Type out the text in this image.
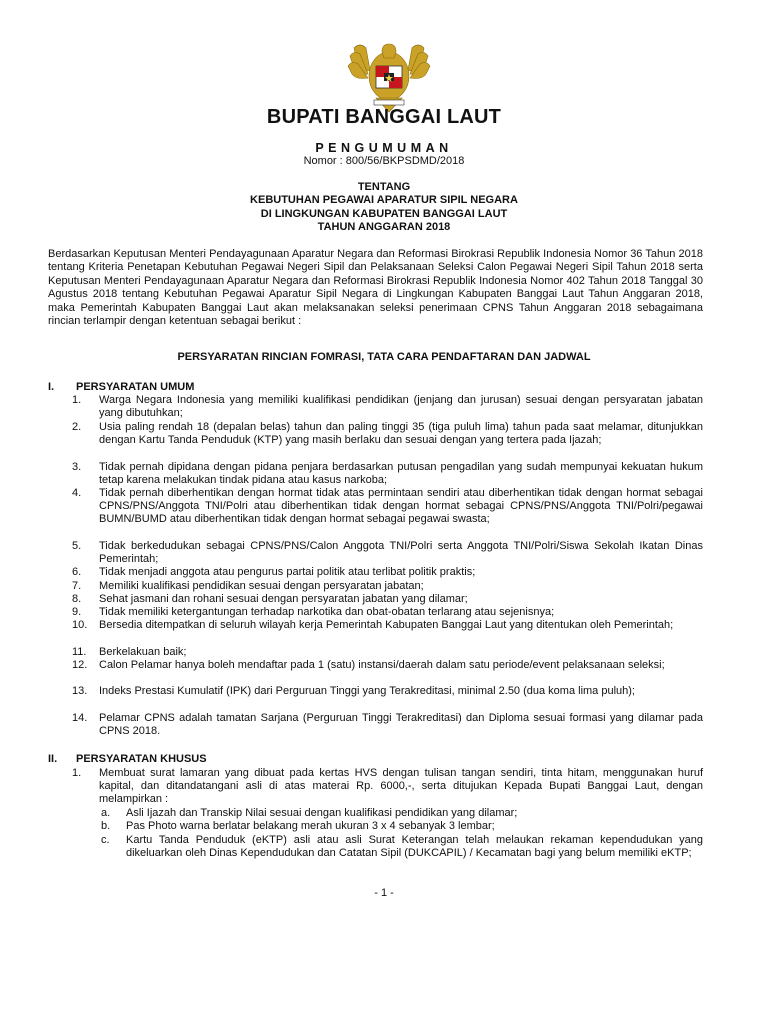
BUPATI BANGGAI LAUT
PENGUMUMAN
Nomor : 800/56/BKPSDMD/2018
TENTANG
KEBUTUHAN PEGAWAI APARATUR SIPIL NEGARA
DI LINGKUNGAN KABUPATEN BANGGAI LAUT
TAHUN ANGGARAN 2018
Berdasarkan Keputusan Menteri Pendayagunaan Aparatur Negara dan Reformasi Birokrasi Republik Indonesia Nomor 36 Tahun 2018 tentang Kriteria Penetapan Kebutuhan Pegawai Negeri Sipil dan Pelaksanaan Seleksi Calon Pegawai Negeri Sipil Tahun 2018 serta Keputusan Menteri Pendayagunaan Aparatur Negara dan Reformasi Birokrasi Republik Indonesia Nomor 402 Tahun 2018 Tanggal 30 Agustus 2018 tentang Kebutuhan Pegawai Aparatur Sipil Negara di Lingkungan Kabupaten Banggai Laut Tahun Anggaran 2018, maka Pemerintah Kabupaten Banggai Laut akan melaksanakan seleksi penerimaan CPNS Tahun Anggaran 2018 sebagaimana rincian terlampir dengan ketentuan sebagai berikut :
PERSYARATAN RINCIAN FOMRASI, TATA CARA PENDAFTARAN DAN JADWAL
I. PERSYARATAN UMUM
1.	Warga Negara Indonesia yang memiliki kualifikasi pendidikan (jenjang dan jurusan) sesuai dengan persyaratan jabatan yang dibutuhkan;
2.	Usia paling rendah 18 (depalan belas) tahun dan paling tinggi 35 (tiga puluh lima) tahun pada saat melamar, ditunjukkan dengan Kartu Tanda Penduduk (KTP) yang masih berlaku dan sesuai dengan yang tertera pada Ijazah;
3.	Tidak pernah dipidana dengan pidana penjara berdasarkan putusan pengadilan yang sudah mempunyai kekuatan hukum tetap karena melakukan tindak pidana atau kasus narkoba;
4.	Tidak pernah diberhentikan dengan hormat tidak atas permintaan sendiri atau diberhentikan tidak dengan hormat sebagai CPNS/PNS/Anggota TNI/Polri atau diberhentikan tidak dengan hormat sebagai CPNS/PNS/Anggota TNI/Polri/pegawai BUMN/BUMD atau diberhentikan tidak dengan hormat sebagai pegawai swasta;
5.	Tidak berkedudukan sebagai CPNS/PNS/Calon Anggota TNI/Polri serta Anggota TNI/Polri/Siswa Sekolah Ikatan Dinas Pemerintah;
6.	Tidak menjadi anggota atau pengurus partai politik atau terlibat politik praktis;
7.	Memiliki kualifikasi pendidikan sesuai dengan persyaratan jabatan;
8.	Sehat jasmani dan rohani sesuai dengan persyaratan jabatan yang dilamar;
9.	Tidak memiliki ketergantungan terhadap narkotika dan obat-obatan terlarang atau sejenisnya;
10.	Bersedia ditempatkan di seluruh wilayah kerja Pemerintah Kabupaten Banggai Laut yang ditentukan oleh Pemerintah;
11.	Berkelakuan baik;
12.	Calon Pelamar hanya boleh mendaftar pada 1 (satu) instansi/daerah dalam satu periode/event pelaksanaan seleksi;
13.	Indeks Prestasi Kumulatif (IPK) dari Perguruan Tinggi yang Terakreditasi, minimal 2.50 (dua koma lima puluh);
14.	Pelamar CPNS adalah tamatan Sarjana (Perguruan Tinggi Terakreditasi) dan Diploma sesuai formasi yang dilamar pada CPNS 2018.
II. PERSYARATAN KHUSUS
1.	Membuat surat lamaran yang dibuat pada kertas HVS dengan tulisan tangan sendiri, tinta hitam, menggunakan huruf kapital, dan ditandatangani asli di atas materai Rp. 6000,-, serta ditujukan Kepada Bupati Banggai Laut, dengan melampirkan :
a.	Asli Ijazah dan Transkip Nilai sesuai dengan kualifikasi pendidikan yang dilamar;
b.	Pas Photo warna berlatar belakang merah ukuran 3 x 4 sebanyak 3 lembar;
c.	Kartu Tanda Penduduk (eKTP) asli atau asli Surat Keterangan telah melaukan rekaman kependudukan yang dikeluarkan oleh Dinas Kependudukan dan Catatan Sipil (DUKCAPIL) / Kecamatan bagi yang belum memiliki eKTP;
- 1 -
